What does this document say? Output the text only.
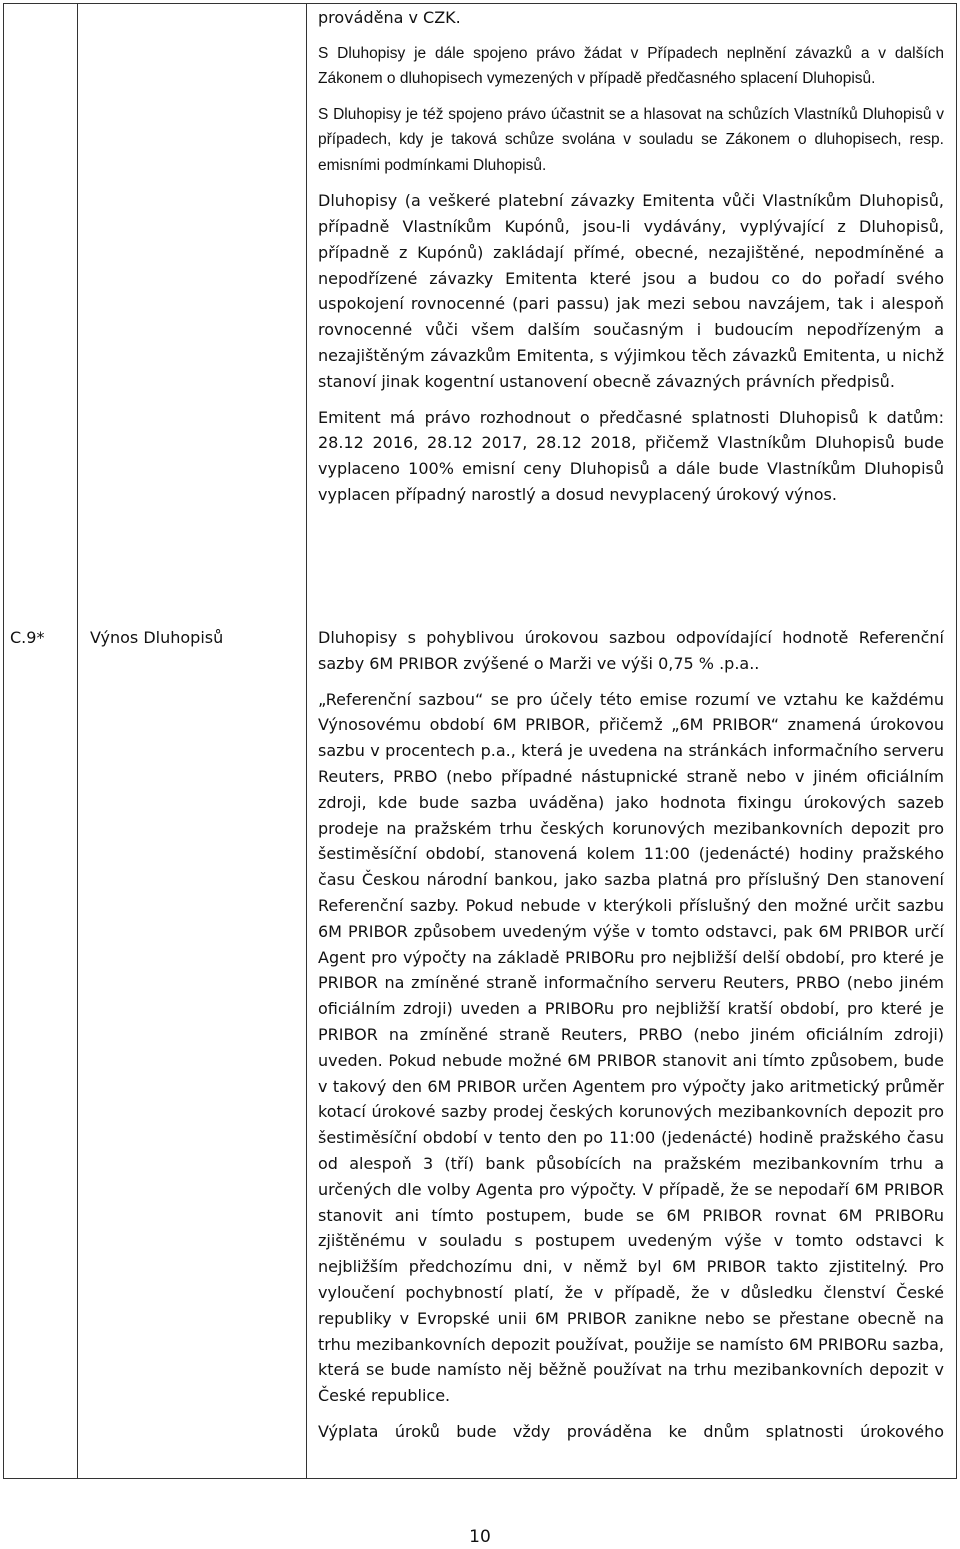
prováděna v CZK.

S Dluhopisy je dále spojeno právo žádat v Případech neplnění závazků a v dalších Zákonem o dluhopisech vymezených v případě předčasného splacení Dluhopisů.

S Dluhopisy je též spojeno právo účastnit se a hlasovat na schůzích Vlastníků Dluhopisů v případech, kdy je taková schůze svolána v souladu se Zákonem o dluhopisech, resp. emisními podmínkami Dluhopisů.

Dluhopisy (a veškeré platební závazky Emitenta vůči Vlastníkům Dluhopisů, případně Vlastníkům Kupónů, jsou-li vydávány, vyplývající z Dluhopisů, případně z Kupónů) zakládají přímé, obecné, nezajištěné, nepodmíněné a nepodřízené závazky Emitenta které jsou a budou co do pořadí svého uspokojení rovnocenné (pari passu) jak mezi sebou navzájem, tak i alespoň rovnocenné vůči všem dalším současným i budoucím nepodřízeným a nezajištěným závazkům Emitenta, s výjimkou těch závazků Emitenta, u nichž stanoví jinak kogentní ustanovení obecně závazných právních předpisů.

Emitent má právo rozhodnout o předčasné splatnosti Dluhopisů k datům: 28.12 2016, 28.12 2017, 28.12 2018, přičemž Vlastníkům Dluhopisů bude vyplaceno 100% emisní ceny Dluhopisů a dále bude Vlastníkům Dluhopisů vyplacen případný narostlý a dosud nevyplacený úrokový výnos.

C.9*	Výnos Dluhopisů	Dluhopisy s pohyblivou úrokovou sazbou odpovídající hodnotě Referenční sazby 6M PRIBOR zvýšené o Marži ve výši 0,75 % .p.a..

„Referenční sazbou“ se pro účely této emise rozumí ve vztahu ke každému Výnosovému období 6M PRIBOR, přičemž „6M PRIBOR“ znamená úrokovou sazbu v procentech p.a., která je uvedena na stránkách informačního serveru Reuters, PRBO (nebo případné nástupnické straně nebo v jiném oficiálním zdroji, kde bude sazba uváděna) jako hodnota fixingu úrokových sazeb prodeje na pražském trhu českých korunových mezibankovních depozit pro šestiměsíční období, stanovená kolem 11:00 (jedenácté) hodiny pražského času Českou národní bankou, jako sazba platná pro příslušný Den stanovení Referenční sazby. Pokud nebude v kterýkoli příslušný den možné určit sazbu 6M PRIBOR způsobem uvedeným výše v tomto odstavci, pak 6M PRIBOR určí Agent pro výpočty na základě PRIBORu pro nejbližší delší období, pro které je PRIBOR na zmíněné straně informačního serveru Reuters, PRBO (nebo jiném oficiálním zdroji) uveden a PRIBORu pro nejbližší kratší období, pro které je PRIBOR na zmíněné straně Reuters, PRBO (nebo jiném oficiálním zdroji) uveden. Pokud nebude možné 6M PRIBOR stanovit ani tímto způsobem, bude v takový den 6M PRIBOR určen Agentem pro výpočty jako aritmetický průměr kotací úrokové sazby prodej českých korunových mezibankovních depozit pro šestiměsíční období v tento den po 11:00 (jedenácté) hodině pražského času od alespoň 3 (tří) bank působících na pražském mezibankovním trhu a určených dle volby Agenta pro výpočty. V případě, že se nepodaří 6M PRIBOR stanovit ani tímto postupem, bude se 6M PRIBOR rovnat 6M PRIBORu zjištěnému v souladu s postupem uvedeným výše v tomto odstavci k nejbližším předchozímu dni, v němž byl 6M PRIBOR takto zjistitelný. Pro vyloučení pochybností platí, že v případě, že v důsledku členství České republiky v Evropské unii 6M PRIBOR zanikne nebo se přestane obecně na trhu mezibankovních depozit používat, použije se namísto 6M PRIBORu sazba, která se bude namísto něj běžně používat na trhu mezibankovních depozit v České republice.

Výplata úroků bude vždy prováděna ke dnům splatnosti úrokového

10
